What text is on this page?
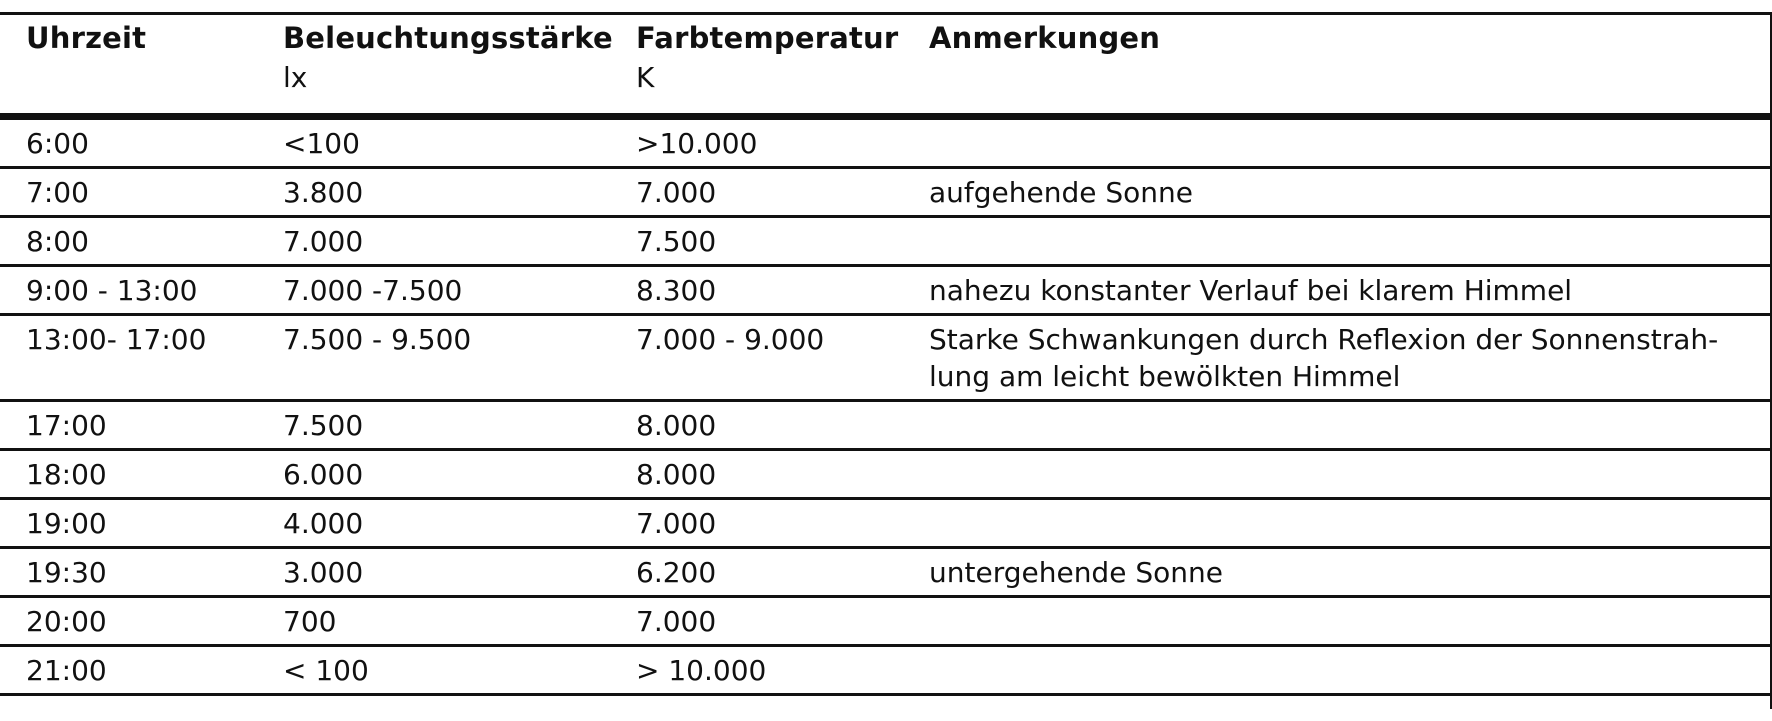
Uhrzeit	Beleuchtungsstärke	Farbtemperatur	Anmerkungen
	lx	K	
6:00	<100	>10.000	
7:00	3.800	7.000	aufgehende Sonne
8:00	7.000	7.500	
9:00 - 13:00	7.000 -7.500	8.300	nahezu konstanter Verlauf bei klarem Himmel
13:00- 17:00	7.500 - 9.500	7.000 - 9.000	Starke Schwankungen durch Reflexion der Sonnenstrah-
lung am leicht bewölkten Himmel
17:00	7.500	8.000	
18:00	6.000	8.000	
19:00	4.000	7.000	
19:30	3.000	6.200	untergehende Sonne
20:00	700	7.000	
21:00	< 100	> 10.000	
